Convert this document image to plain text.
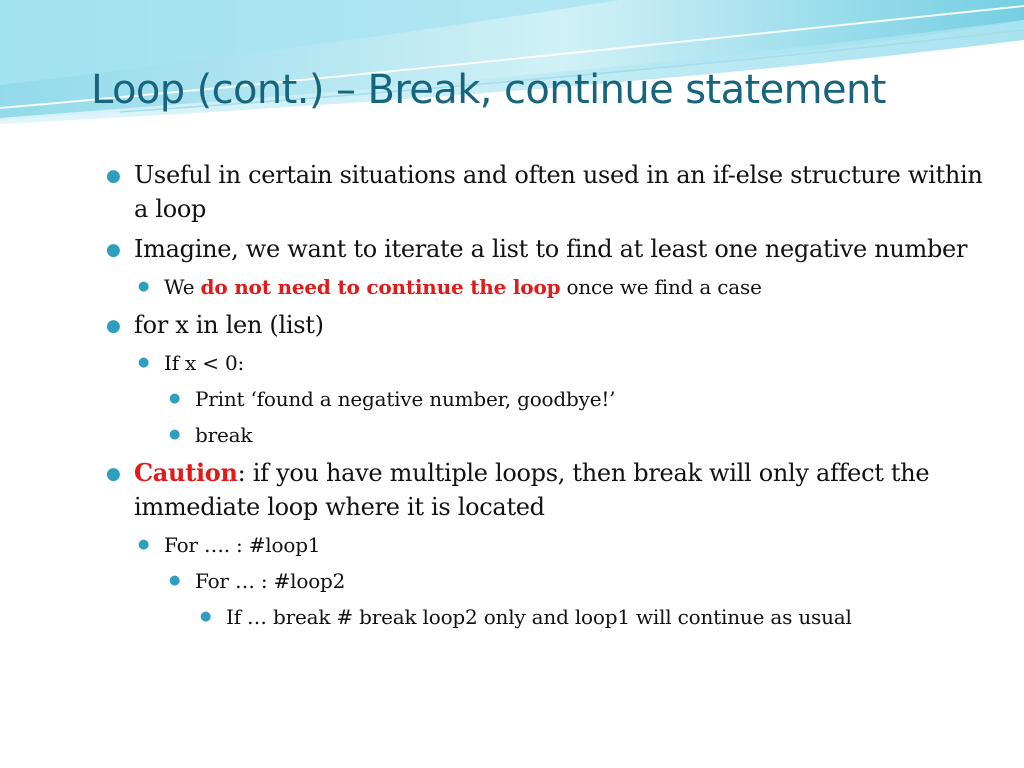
Loop (cont.) – Break, continue statement
● Useful in certain situations and often used in an if-else structure within a loop
● Imagine, we want to iterate a list to find at least one negative number
● We do not need to continue the loop once we find a case
● for x in len (list)
● If x < 0:
● Print ‘found a negative number, goodbye!’
● break
● Caution: if you have multiple loops, then break will only affect the immediate loop where it is located
● For …. : #loop1
● For … : #loop2
● If … break # break loop2 only and loop1 will continue as usual
